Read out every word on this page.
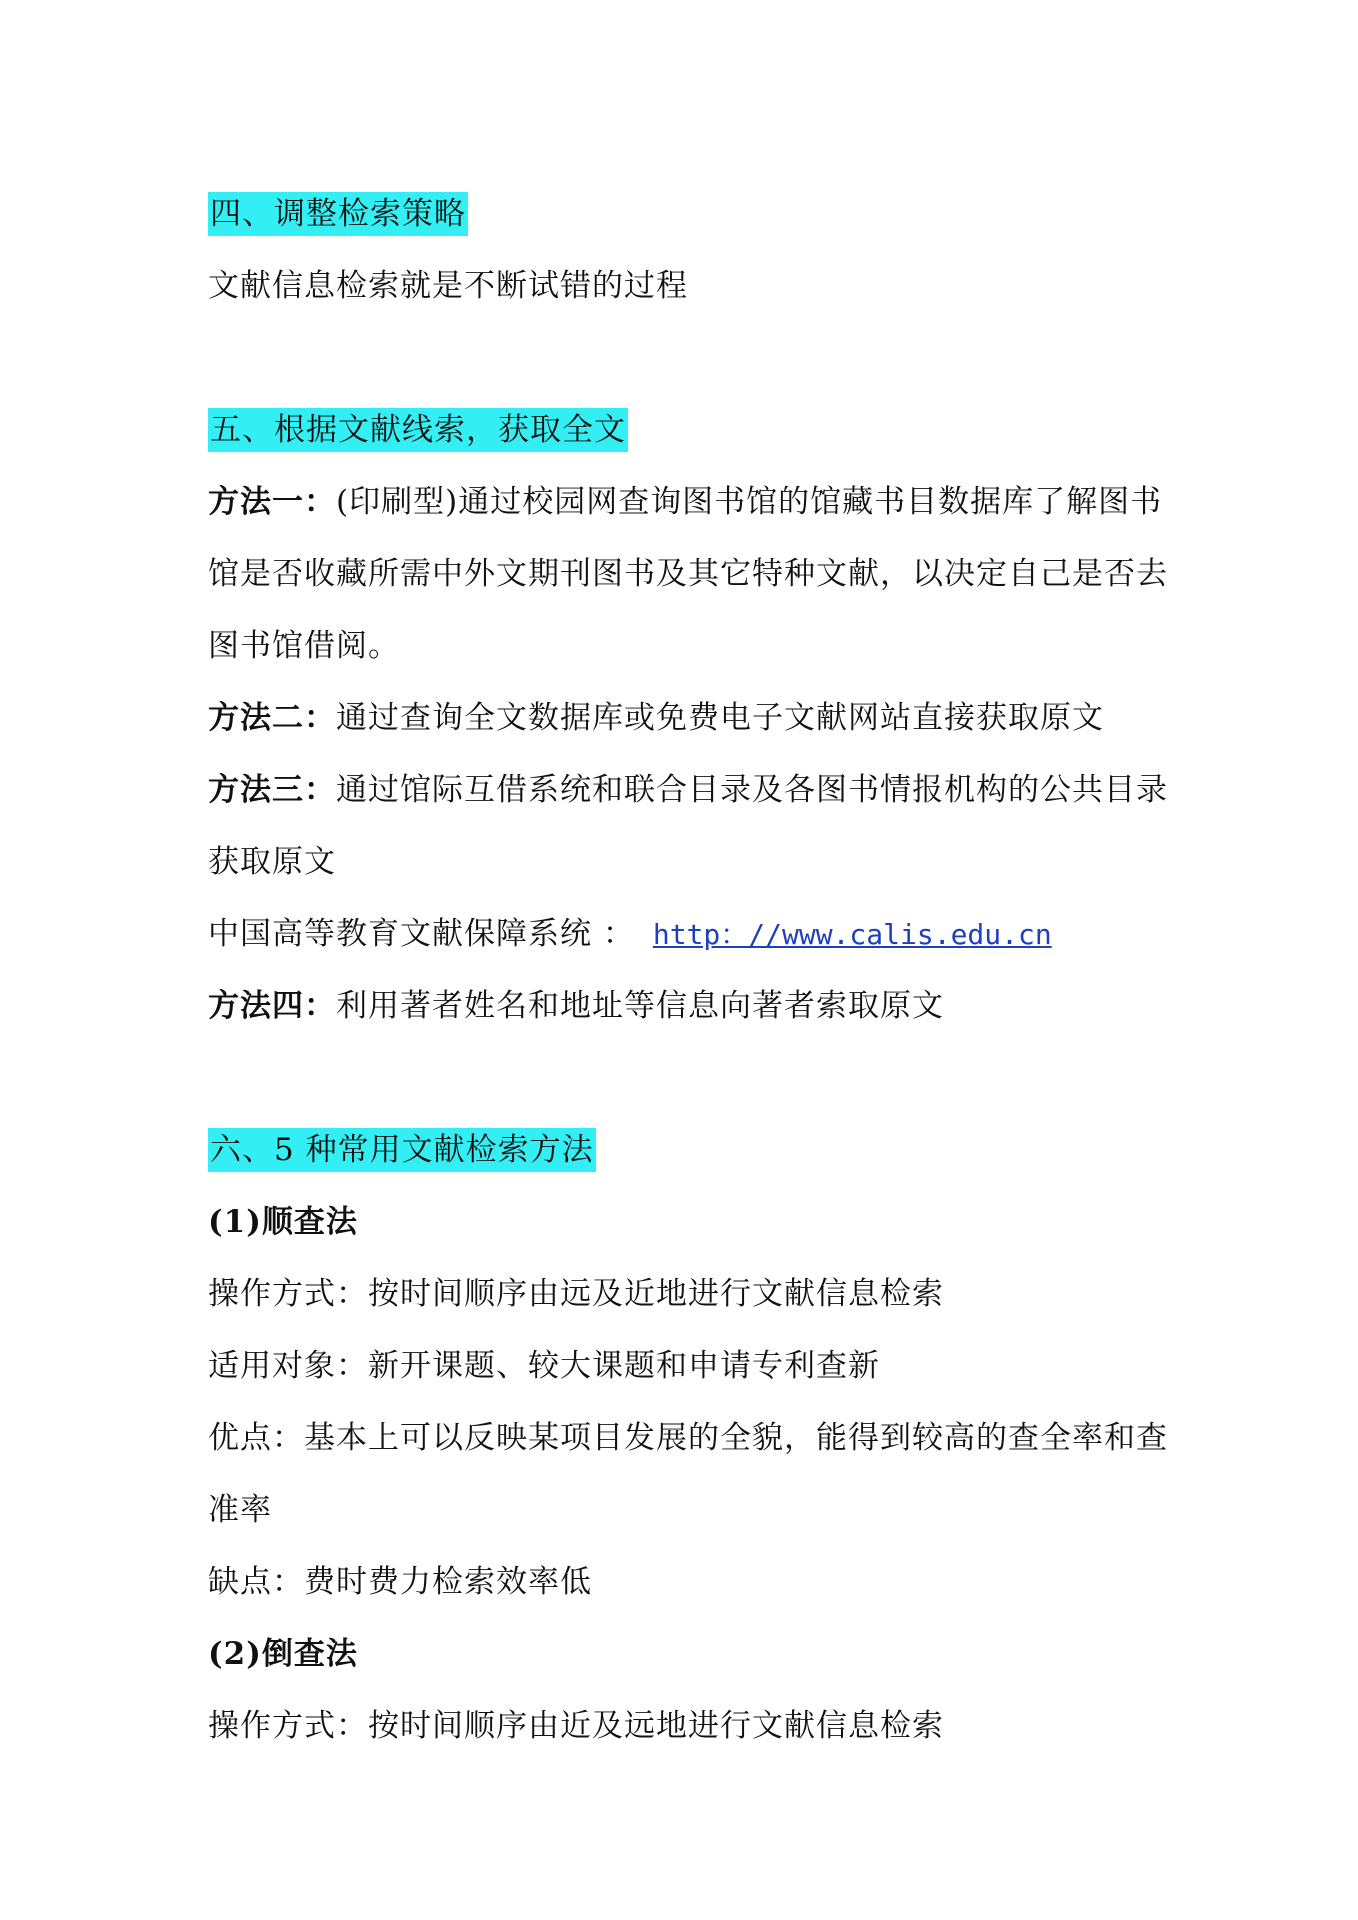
四、调整检索策略
文献信息检索就是不断试错的过程
五、根据文献线索，获取全文
方法一：(印刷型)通过校园网查询图书馆的馆藏书目数据库了解图书
馆是否收藏所需中外文期刊图书及其它特种文献，以决定自己是否去
图书馆借阅。
方法二：通过查询全文数据库或免费电子文献网站直接获取原文
方法三：通过馆际互借系统和联合目录及各图书情报机构的公共目录
获取原文
中国高等教育文献保障系统 ： http：//www.calis.edu.cn
方法四：利用著者姓名和地址等信息向著者索取原文
六、5 种常用文献检索方法
(1)顺查法
操作方式：按时间顺序由远及近地进行文献信息检索
适用对象：新开课题、较大课题和申请专利查新
优点：基本上可以反映某项目发展的全貌，能得到较高的查全率和查
准率
缺点：费时费力检索效率低
(2)倒查法
操作方式：按时间顺序由近及远地进行文献信息检索
